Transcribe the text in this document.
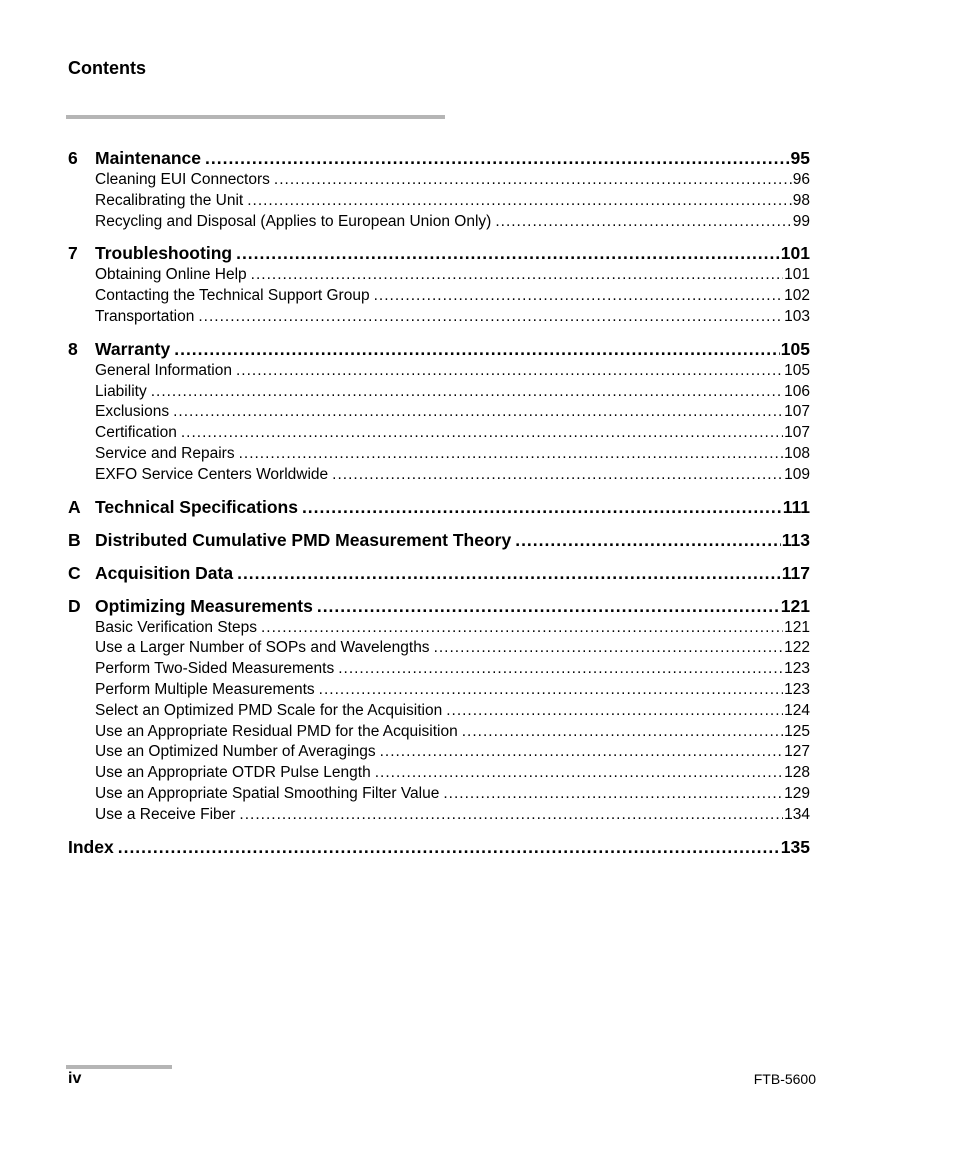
Contents
6 Maintenance .....	95
Cleaning EUI Connectors .....	96
Recalibrating the Unit .....	98
Recycling and Disposal (Applies to European Union Only) .....	99
7 Troubleshooting .....	101
Obtaining Online Help .....	101
Contacting the Technical Support Group .....	102
Transportation .....	103
8 Warranty .....	105
General Information .....	105
Liability .....	106
Exclusions .....	107
Certification .....	107
Service and Repairs .....	108
EXFO Service Centers Worldwide .....	109
A Technical Specifications .....	111
B Distributed Cumulative PMD Measurement Theory .....	113
C Acquisition Data .....	117
D Optimizing Measurements .....	121
Basic Verification Steps .....	121
Use a Larger Number of SOPs and Wavelengths .....	122
Perform Two-Sided Measurements .....	123
Perform Multiple Measurements .....	123
Select an Optimized PMD Scale for the Acquisition .....	124
Use an Appropriate Residual PMD for the Acquisition .....	125
Use an Optimized Number of Averagings .....	127
Use an Appropriate OTDR Pulse Length .....	128
Use an Appropriate Spatial Smoothing Filter Value .....	129
Use a Receive Fiber .....	134
Index .....	135
iv	FTB-5600
